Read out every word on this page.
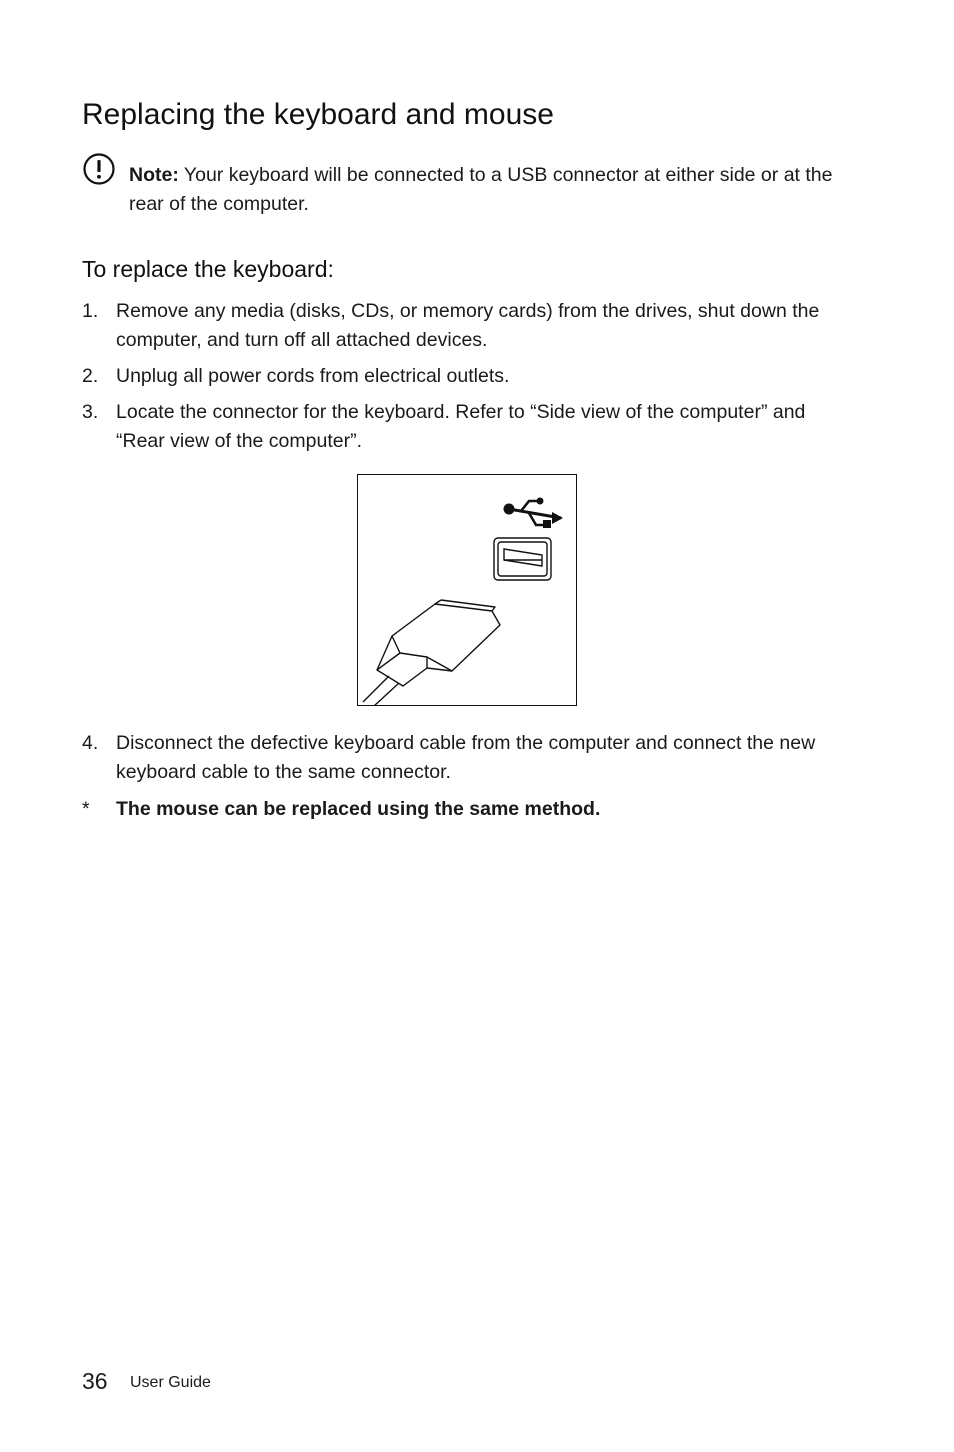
Replacing the keyboard and mouse

Note: Your keyboard will be connected to a USB connector at either side or at the rear of the computer.

To replace the keyboard:
1. Remove any media (disks, CDs, or memory cards) from the drives, shut down the computer, and turn off all attached devices.
2. Unplug all power cords from electrical outlets.
3. Locate the connector for the keyboard. Refer to “Side view of the computer” and “Rear view of the computer”.
4. Disconnect the defective keyboard cable from the computer and connect the new keyboard cable to the same connector.
* The mouse can be replaced using the same method.
36 User Guide
